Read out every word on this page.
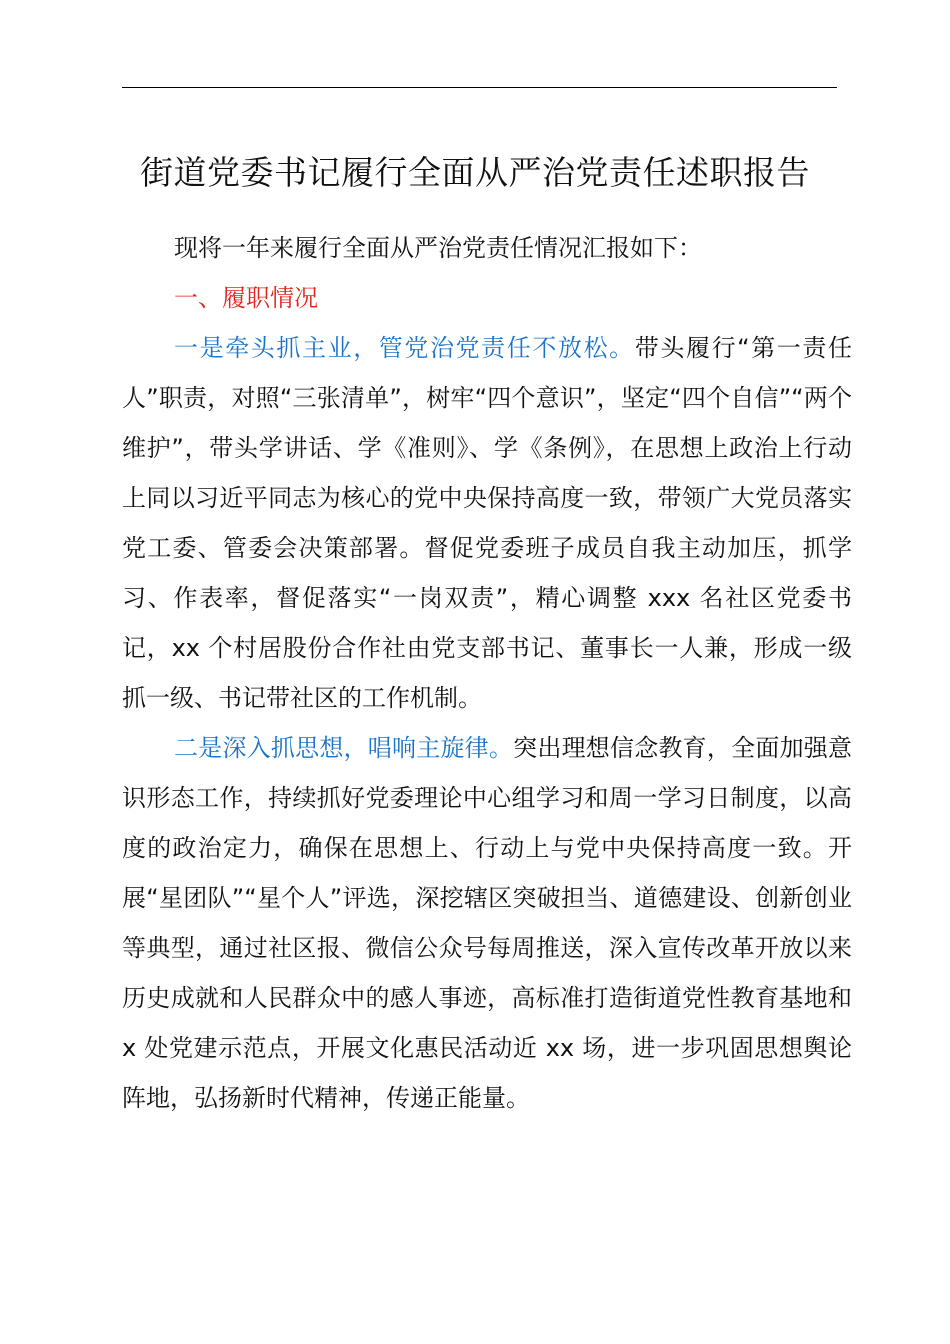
街道党委书记履行全面从严治党责任述职报告

现将一年来履行全面从严治党责任情况汇报如下：

一、履职情况

一是牵头抓主业，管党治党责任不放松。带头履行“第一责任人”职责，对照“三张清单”，树牢“四个意识”，坚定“四个自信”“两个维护”，带头学讲话、学《准则》、学《条例》，在思想上政治上行动上同以习近平同志为核心的党中央保持高度一致，带领广大党员落实党工委、管委会决策部署。督促党委班子成员自我主动加压，抓学习、作表率，督促落实“一岗双责”，精心调整 xxx 名社区党委书记，xx 个村居股份合作社由党支部书记、董事长一人兼，形成一级抓一级、书记带社区的工作机制。

二是深入抓思想，唱响主旋律。突出理想信念教育，全面加强意识形态工作，持续抓好党委理论中心组学习和周一学习日制度，以高度的政治定力，确保在思想上、行动上与党中央保持高度一致。开展“星团队”“星个人”评选，深挖辖区突破担当、道德建设、创新创业等典型，通过社区报、微信公众号每周推送，深入宣传改革开放以来历史成就和人民群众中的感人事迹，高标准打造街道党性教育基地和 x 处党建示范点，开展文化惠民活动近 xx 场，进一步巩固思想舆论阵地，弘扬新时代精神，传递正能量。
